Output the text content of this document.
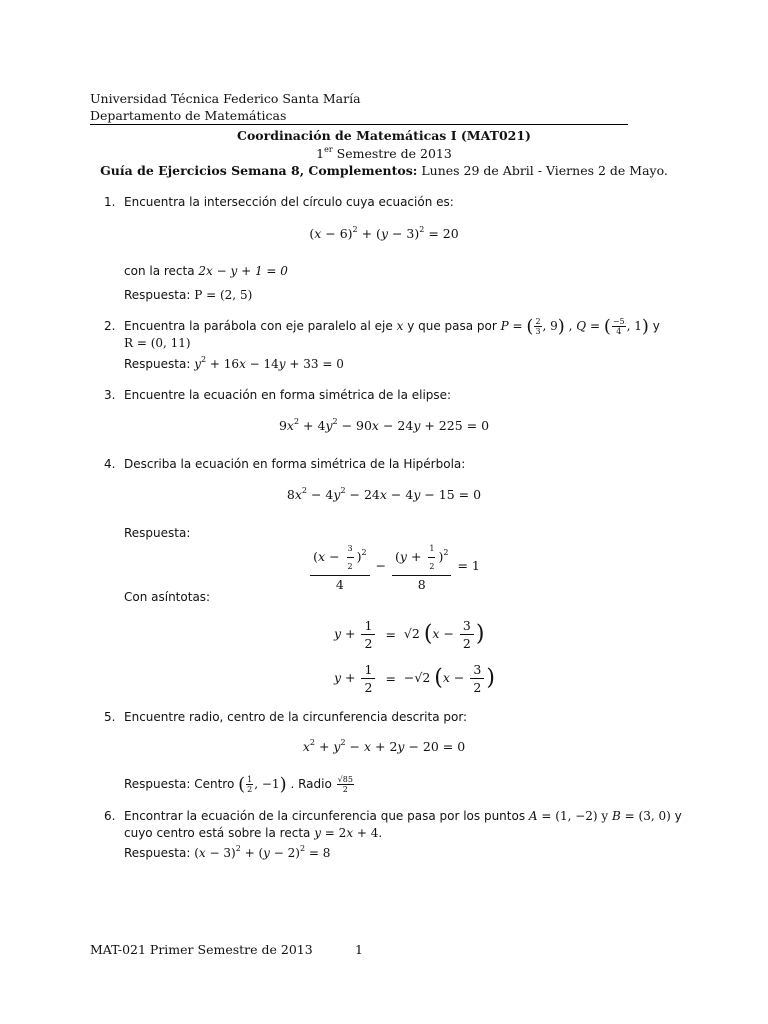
Universidad Técnica Federico Santa María
Departamento de Matemáticas
Coordinación de Matemáticas I (MAT021)
1er Semestre de 2013
Guía de Ejercicios Semana 8, Complementos: Lunes 29 de Abril - Viernes 2 de Mayo.
1. Encuentra la intersección del círculo cuya ecuación es:
$(x - 6)^2 + (y - 3)^2 = 20$
con la recta 2x − y + 1 = 0
Respuesta: P = (2, 5)
2. Encuentra la parábola con eje paralelo al eje x y que pasa por P = ( $\frac{2}{3}$ , 9) , Q = ( $\frac{-5}{4}$ , 1) y
R = (0, 11)
Respuesta: $y^2 + 16x - 14y + 33 = 0$
3. Encuentre la ecuación en forma simétrica de la elipse:
$9x^2 + 4y^2 - 90x - 24y + 225 = 0$
4. Describa la ecuación en forma simétrica de la Hipérbola:
$8x^2 - 4y^2 - 24x - 4y - 15 = 0$
Respuesta:
$\frac{(x - \frac{3}{2} )^2}{4} - \frac{(y + \frac{1}{2} )^2}{8} = 1$
Con asíntotas:
$y + \frac{1}{2}$	=	√2 ($x - \frac{3}{2}$ )
$y + \frac{1}{2}$	=	−√2 ($x - \frac{3}{2}$ )
5. Encuentre radio, centro de la circunferencia descrita por:
$x^2 + y^2 - x + 2y - 20 = 0$
Respuesta: Centro ( $\frac{1}{2}$ , −1) . Radio $\frac{√85}{2}$
6. Encontrar la ecuación de la circunferencia que pasa por los puntos A = (1, −2) y B = (3, 0) y
cuyo centro está sobre la recta y = 2x + 4.
Respuesta: $(x - 3)^2 + (y - 2)^2 = 8$
MAT-021 Primer Semestre de 2013	1
